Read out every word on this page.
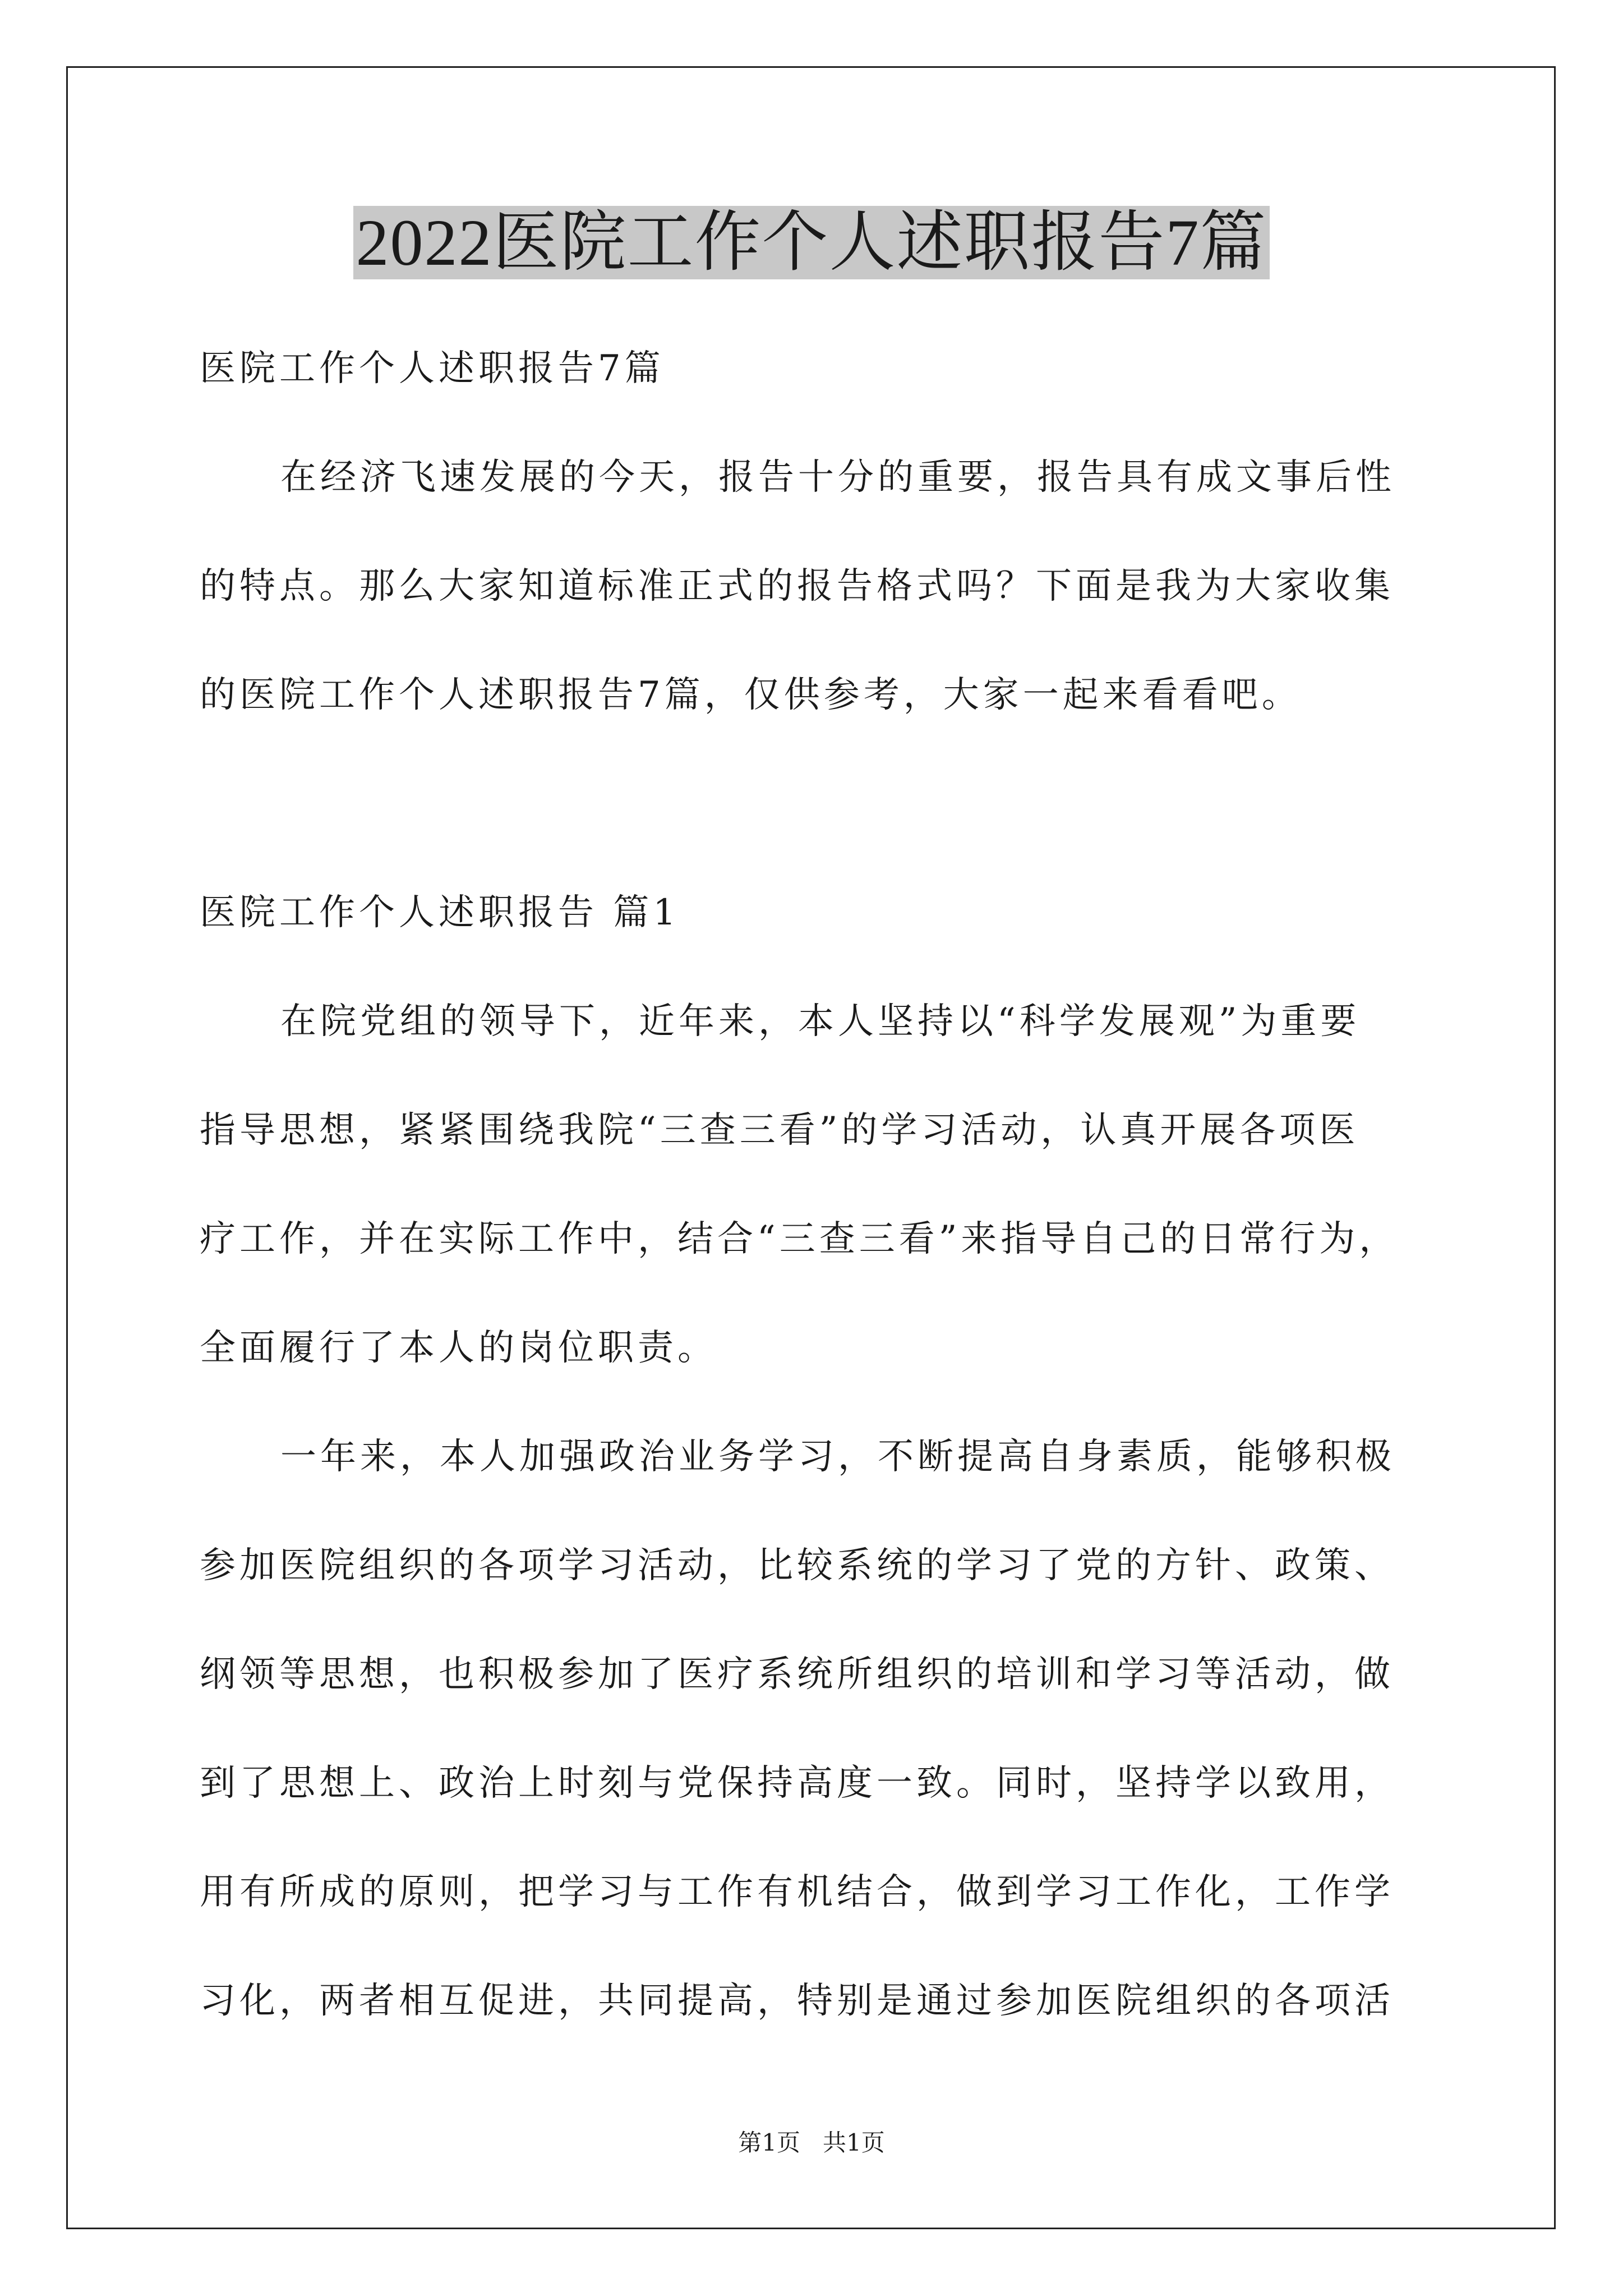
2022医院工作个人述职报告7篇
医院工作个人述职报告7篇
在经济飞速发展的今天，报告十分的重要，报告具有成文事后性
的特点。那么大家知道标准正式的报告格式吗？下面是我为大家收集
的医院工作个人述职报告7篇，仅供参考，大家一起来看看吧。
医院工作个人述职报告 篇1
在院党组的领导下，近年来，本人坚持以“科学发展观”为重要
指导思想，紧紧围绕我院“三查三看”的学习活动，认真开展各项医
疗工作，并在实际工作中，结合“三查三看”来指导自己的日常行为，
全面履行了本人的岗位职责。
一年来，本人加强政治业务学习，不断提高自身素质，能够积极
参加医院组织的各项学习活动，比较系统的学习了党的方针、政策、
纲领等思想，也积极参加了医疗系统所组织的培训和学习等活动，做
到了思想上、政治上时刻与党保持高度一致。同时，坚持学以致用，
用有所成的原则，把学习与工作有机结合，做到学习工作化，工作学
习化，两者相互促进，共同提高，特别是通过参加医院组织的各项活
第1页   共1页
